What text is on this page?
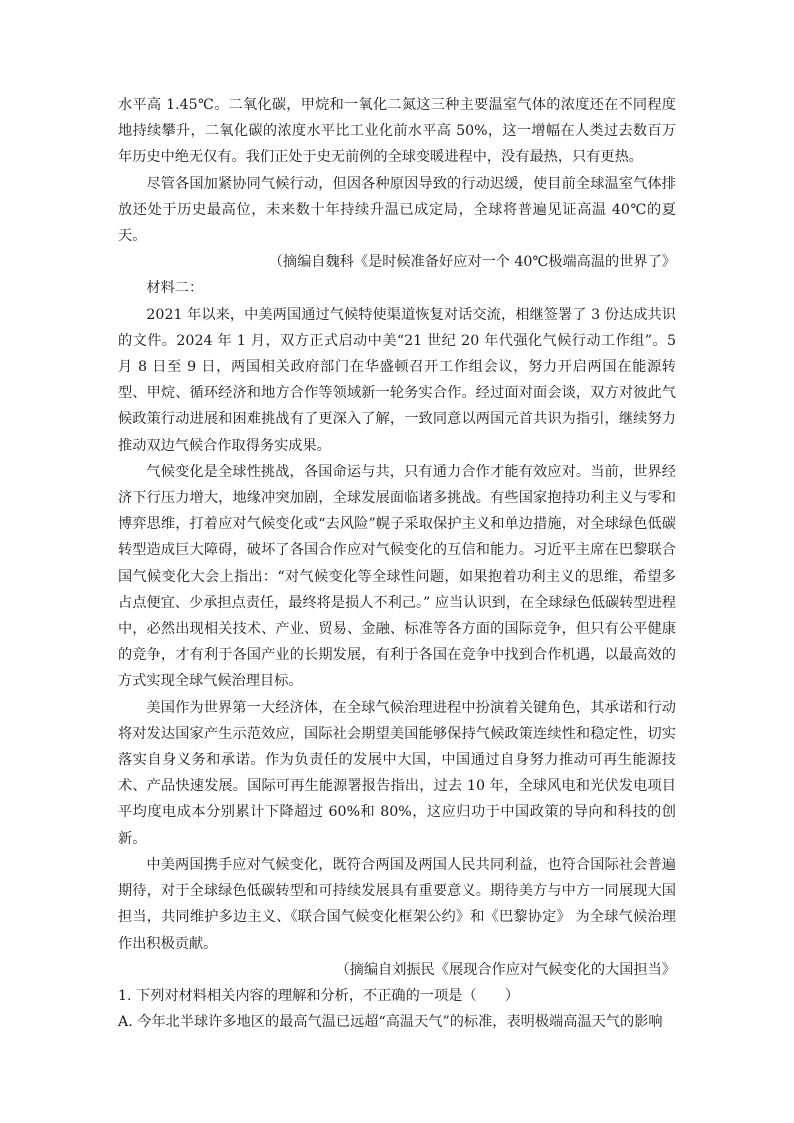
水平高 1.45℃。二氧化碳，甲烷和一氧化二氮这三种主要温室气体的浓度还在不同程度地持续攀升，二氧化碳的浓度水平比工业化前水平高 50%，这一增幅在人类过去数百万年历史中绝无仅有。我们正处于史无前例的全球变暖进程中，没有最热，只有更热。

尽管各国加紧协同气候行动，但因各种原因导致的行动迟缓，使目前全球温室气体排放还处于历史最高位，未来数十年持续升温已成定局，全球将普遍见证高温 40℃的夏天。

（摘编自魏科《是时候准备好应对一个 40℃极端高温的世界了》

材料二：

2021 年以来，中美两国通过气候特使渠道恢复对话交流，相继签署了 3 份达成共识的文件。2024 年 1 月，双方正式启动中美“21 世纪 20 年代强化气候行动工作组”。5 月 8 日至 9 日，两国相关政府部门在华盛顿召开工作组会议，努力开启两国在能源转型、甲烷、循环经济和地方合作等领域新一轮务实合作。经过面对面会谈，双方对彼此气候政策行动进展和困难挑战有了更深入了解，一致同意以两国元首共识为指引，继续努力推动双边气候合作取得务实成果。

气候变化是全球性挑战，各国命运与共，只有通力合作才能有效应对。当前，世界经济下行压力增大，地缘冲突加剧，全球发展面临诸多挑战。有些国家抱持功利主义与零和博弈思维，打着应对气候变化或“去风险”幌子采取保护主义和单边措施，对全球绿色低碳转型造成巨大障碍，破坏了各国合作应对气候变化的互信和能力。习近平主席在巴黎联合国气候变化大会上指出：“对气候变化等全球性问题，如果抱着功利主义的思维，希望多占点便宜、少承担点责任，最终将是损人不利己。” 应当认识到，在全球绿色低碳转型进程中，必然出现相关技术、产业、贸易、金融、标准等各方面的国际竞争，但只有公平健康的竞争，才有利于各国产业的长期发展，有利于各国在竞争中找到合作机遇，以最高效的方式实现全球气候治理目标。

美国作为世界第一大经济体，在全球气候治理进程中扮演着关键角色，其承诺和行动将对发达国家产生示范效应，国际社会期望美国能够保持气候政策连续性和稳定性，切实落实自身义务和承诺。作为负责任的发展中大国，中国通过自身努力推动可再生能源技术、产品快速发展。国际可再生能源署报告指出，过去 10 年，全球风电和光伏发电项目平均度电成本分别累计下降超过 60%和 80%，这应归功于中国政策的导向和科技的创新。

中美两国携手应对气候变化，既符合两国及两国人民共同利益，也符合国际社会普遍期待，对于全球绿色低碳转型和可持续发展具有重要意义。期待美方与中方一同展现大国担当，共同维护多边主义、《联合国气候变化框架公约》和《巴黎协定》 为全球气候治理作出积极贡献。

（摘编自刘振民《展现合作应对气候变化的大国担当》

1. 下列对材料相关内容的理解和分析，不正确的一项是（　　）

A. 今年北半球许多地区的最高气温已远超“高温天气”的标准，表明极端高温天气的影响
